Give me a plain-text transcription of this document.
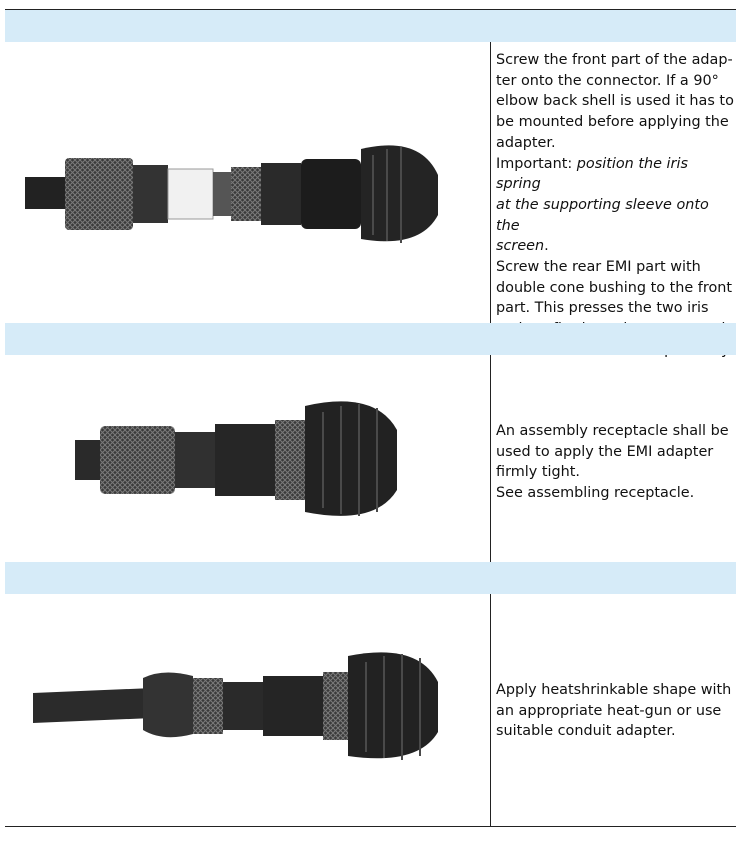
Screw the front part of the adap-
ter onto the connector. If a 90°
elbow back shell is used it has to
be mounted before applying the
adapter.
Important: position the iris spring
at the supporting sleeve onto the
screen.
Screw the rear EMI part with
double cone bushing to the front
part. This presses the two iris
An assembly receptacle shall be
used to apply the EMI adapter
firmly tight.
See assembling receptacle.
Apply heatshrinkable shape with
an appropriate heat-gun or use
suitable conduit adapter.
